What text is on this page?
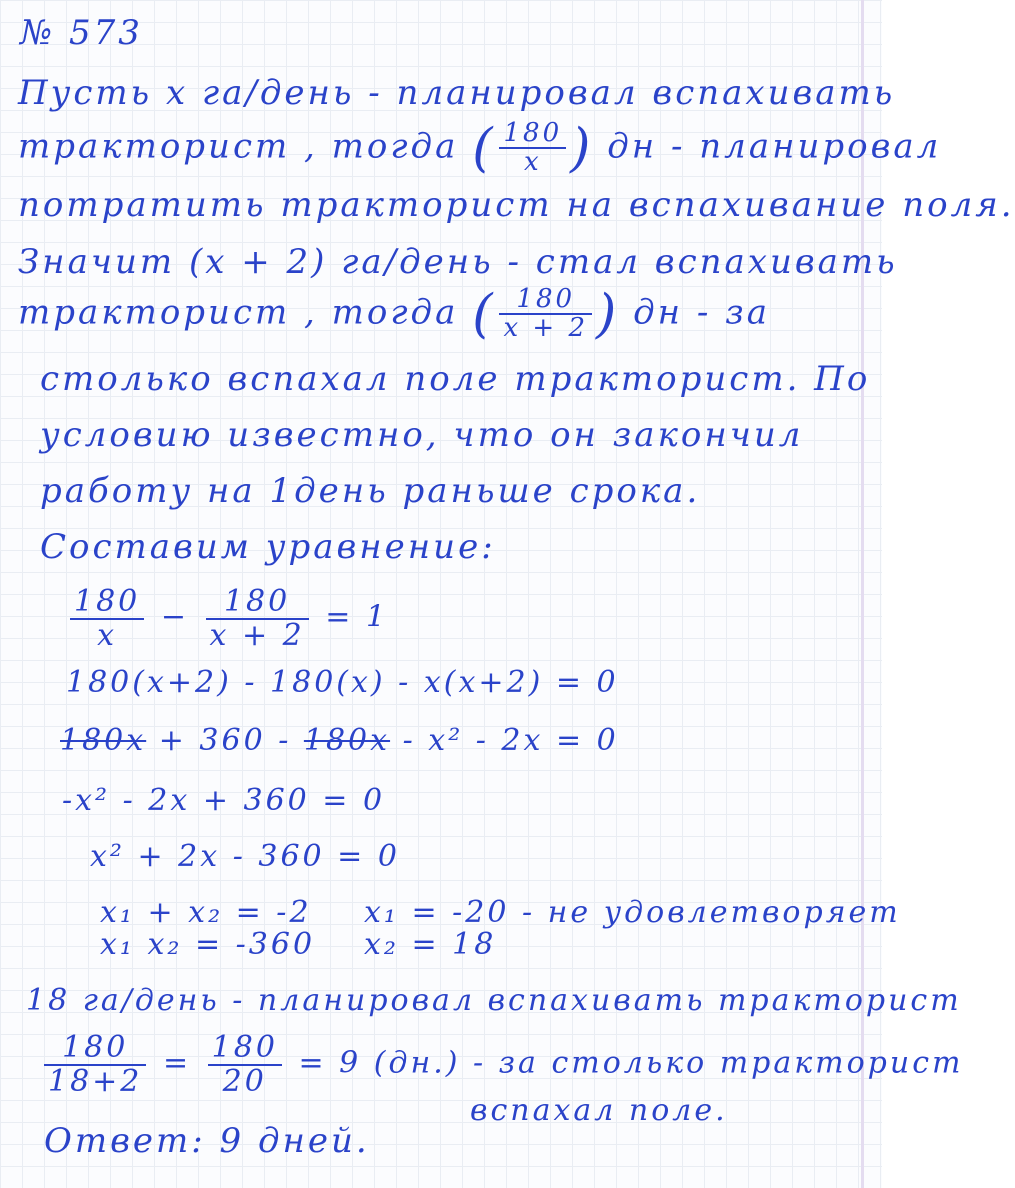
№ 573
Пусть x га/день - планировал вспахивать
тракторист , тогда ( $\frac{180}{x}$ ) дн - планировал
потратить тракторист на вспахивание поля.
Значит (x + 2) га/день - стал вспахивать
тракторист , тогда ( $\frac{180}{x + 2}$ ) дн - за
столько вспахал поле тракторист. По
условию известно, что он закончил
работу на 1день раньше срока.
Составим уравнение:
$\frac{180}{x} - \frac{180}{x + 2} = 1$
180(x+2) - 180(x) - x(x+2) = 0
180x + 360 - 180x - x² - 2x = 0
-x² - 2x + 360 = 0
x² + 2x - 360 = 0
x₁ + x₂ = -2
x₁ x₂ = -360
x₁ = -20 - не удовлетворяет
x₂ = 18
18 га/день - планировал вспахивать тракторист
$\frac{180}{18+2} = \frac{180}{20} = 9$ (дн.) - за столько тракторист
вспахал поле.
Ответ: 9 дней.
